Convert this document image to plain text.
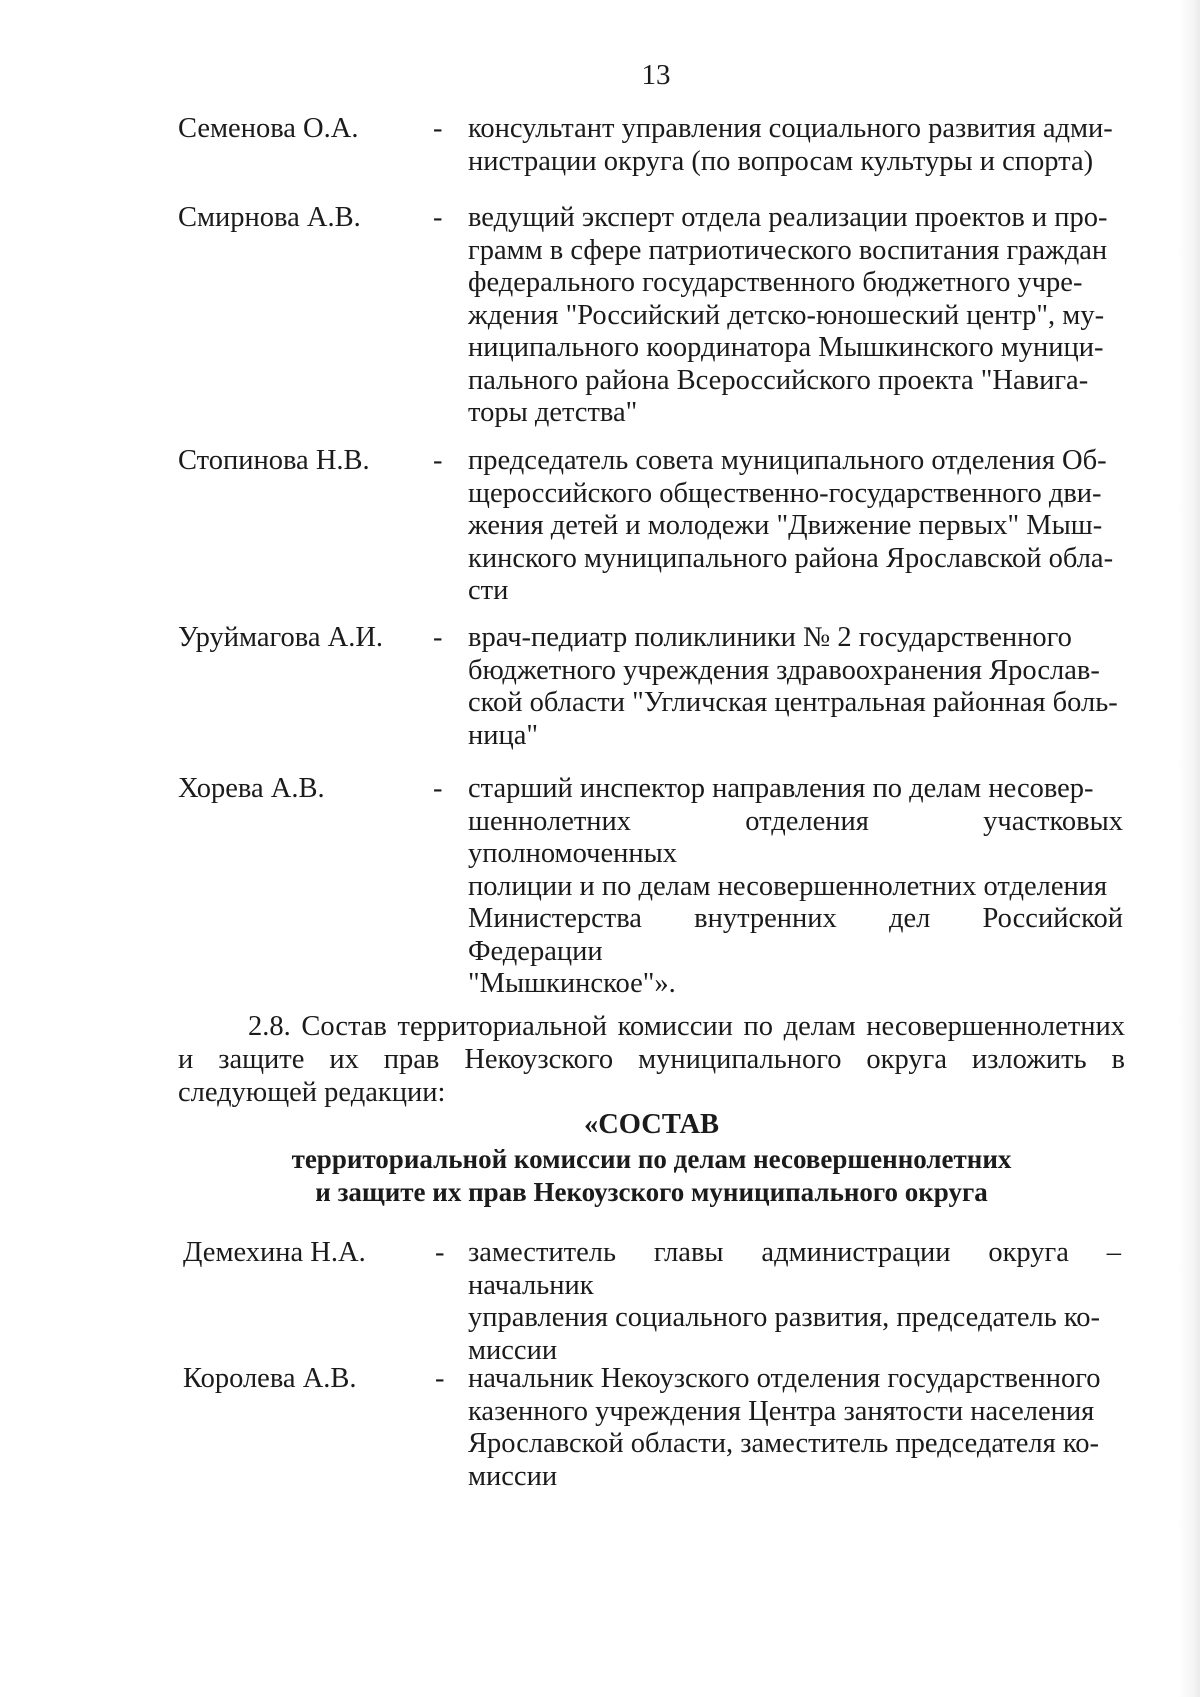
13
Семенова О.А.	- консультант управления социального развития адми-
нистрации округа (по вопросам культуры и спорта)
Смирнова А.В.	- ведущий эксперт отдела реализации проектов и про-
грамм в сфере патриотического воспитания граждан
федерального государственного бюджетного учре-
ждения "Российский детско-юношеский центр", му-
ниципального координатора Мышкинского муници-
пального района Всероссийского проекта "Навига-
торы детства"
Стопинова Н.В. - председатель совета муниципального отделения Об-
щероссийского общественно-государственного дви-
жения детей и молодежи "Движение первых" Мыш-
кинского муниципального района Ярославской обла-
сти
Уруймагова А.И. - врач-педиатр поликлиники № 2 государственного
бюджетного учреждения здравоохранения Ярослав-
ской области "Угличская центральная районная боль-
ница"
Хорева А.В.	- старший инспектор направления по делам несовер-
шеннолетних отделения участковых уполномоченных
полиции и по делам несовершеннолетних отделения
Министерства внутренних дел Российской Федерации
"Мышкинское"».
2.8. Состав территориальной комиссии по делам несовершеннолетних и защите их прав Некоузского муниципального округа изложить в следующей редакции:
«СОСТАВ
территориальной комиссии по делам несовершеннолетних
и защите их прав Некоузского муниципального округа
Демехина Н.А. - заместитель главы администрации округа – начальник
управления социального развития, председатель ко-
миссии
Королева А.В.	- начальник Некоузского отделения государственного
казенного учреждения Центра занятости населения
Ярославской области, заместитель председателя ко-
миссии
